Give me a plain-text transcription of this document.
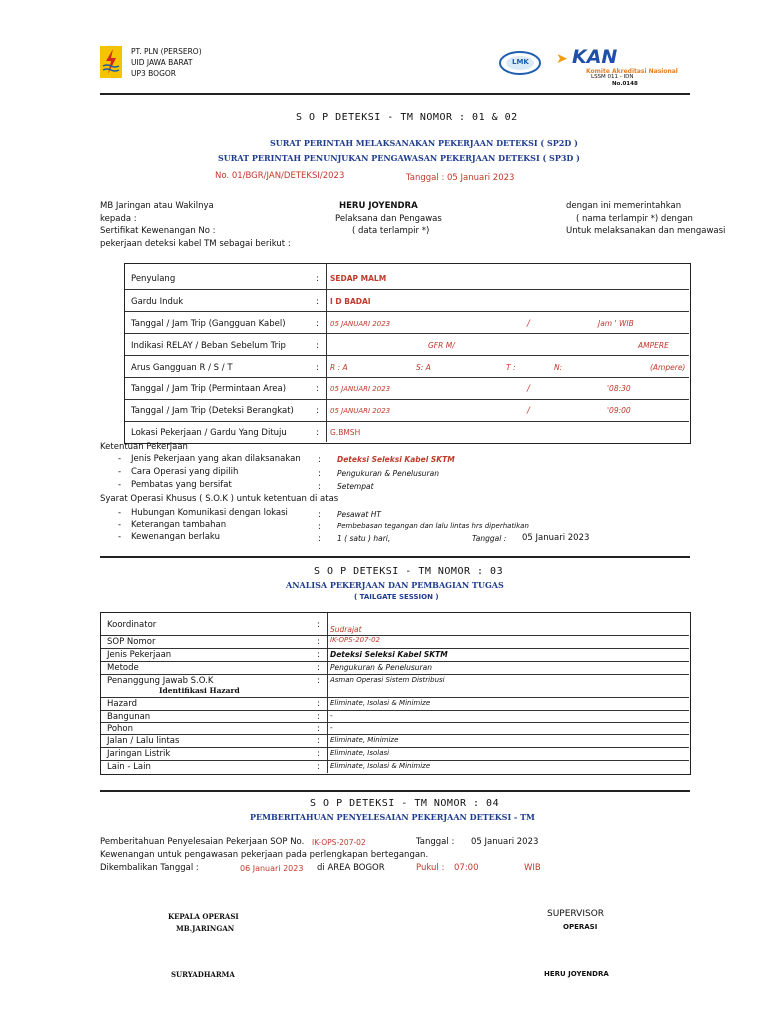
PT. PLN (PERSERO)
UID JAWA BARAT
UP3 BOGOR
LMK ➤ KAN
Komite Akreditasi Nasional
LSSM 011 - IDN
No.0148
S O P DETEKSI - TM NOMOR : 01 & 02
SURAT PERINTAH MELAKSANAKAN PEKERJAAN DETEKSI ( SP2D )
SURAT PERINTAH PENUNJUKAN PENGAWASAN PEKERJAAN DETEKSI ( SP3D )
No. 01/BGR/JAN/DETEKSI/2023	Tanggal : 05 Januari 2023
MB Jaringan atau Wakilnya	HERU JOYENDRA	dengan ini memerintahkan
kepada :	Pelaksana dan Pengawas	( nama terlampir *) dengan
Sertifikat Kewenangan No :	( data terlampir *)	Untuk melaksanakan dan mengawasi
pekerjaan deteksi kabel TM sebagai berikut :
Penyulang	: SEDAP MALM
Gardu Induk	: I D BADAI
Tanggal / Jam Trip (Gangguan Kabel)	: 05 JANUARI 2023	/	Jam ' WIB
Indikasi RELAY / Beban Sebelum Trip	:	GFR M/	AMPERE
Arus Gangguan R / S / T	: R : A	S: A	T :	N:	(Ampere)
Tanggal / Jam Trip (Permintaan Area)	: 05 JANUARI 2023	/	'08:30
Tanggal / Jam Trip (Deteksi Berangkat)	: 05 JANUARI 2023	/	'09:00
Lokasi Pekerjaan / Gardu Yang Dituju	: G.BMSH
Ketentuan Pekerjaan
- Jenis Pekerjaan yang akan dilaksanakan : Deteksi Seleksi Kabel SKTM
- Cara Operasi yang dipilih	: Pengukuran & Penelusuran
- Pembatas yang bersifat	: Setempat
Syarat Operasi Khusus ( S.O.K ) untuk ketentuan di atas
- Hubungan Komunikasi dengan lokasi	: Pesawat HT
- Keterangan tambahan	: Pembebasan tegangan dan lalu lintas hrs diperhatikan
- Kewenangan berlaku	: 1 ( satu ) hari,	Tanggal : 05 Januari 2023
S O P DETEKSI - TM NOMOR : 03
ANALISA PEKERJAAN DAN PEMBAGIAN TUGAS
( TAILGATE SESSION )
Koordinator	: Sudrajat
SOP Nomor	: IK-OPS-207-02
Jenis Pekerjaan	: Deteksi Seleksi Kabel SKTM
Metode	: Pengukuran & Penelusuran
Penanggung Jawab S.O.K	: Asman Operasi Sistem Distribusi
Identifikasi Hazard
Hazard	: Eliminate, Isolasi & Minimize
Bangunan	: -
Pohon	: -
Jalan / Lalu lintas	: Eliminate, Minimize
Jaringan Listrik	: Eliminate, Isolasi
Lain - Lain	: Eliminate, Isolasi & Minimize
S O P DETEKSI - TM NOMOR : 04
PEMBERITAHUAN PENYELESAIAN PEKERJAAN DETEKSI - TM
Pemberitahuan Penyelesaian Pekerjaan SOP No. IK-OPS-207-02	Tanggal : 05 Januari 2023
Kewenangan untuk pengawasan pekerjaan pada perlengkapan bertegangan.
Dikembalikan Tanggal :	06 Januari 2023 di AREA BOGOR	Pukul : 07:00	WIB
KEPALA OPERASI
MB.JARINGAN
SURYADHARMA
SUPERVISOR
OPERASI
HERU JOYENDRA
